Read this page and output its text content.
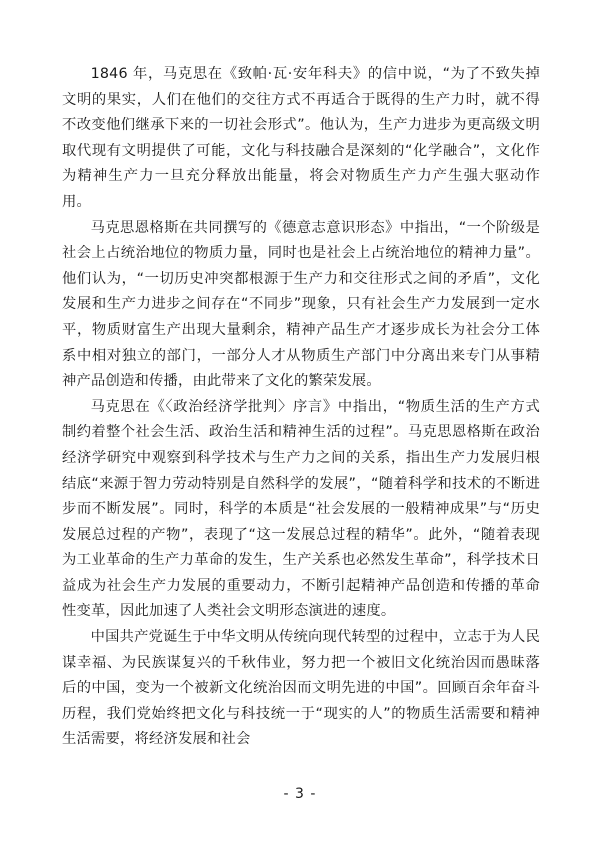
1846 年，马克思在《致帕·瓦·安年科夫》的信中说，“为了不致失掉文明的果实，人们在他们的交往方式不再适合于既得的生产力时，就不得不改变他们继承下来的一切社会形式”。他认为，生产力进步为更高级文明取代现有文明提供了可能，文化与科技融合是深刻的“化学融合”，文化作为精神生产力一旦充分释放出能量，将会对物质生产力产生强大驱动作用。

马克思恩格斯在共同撰写的《德意志意识形态》中指出，“一个阶级是社会上占统治地位的物质力量，同时也是社会上占统治地位的精神力量”。他们认为，“一切历史冲突都根源于生产力和交往形式之间的矛盾”，文化发展和生产力进步之间存在“不同步”现象，只有社会生产力发展到一定水平，物质财富生产出现大量剩余，精神产品生产才逐步成长为社会分工体系中相对独立的部门，一部分人才从物质生产部门中分离出来专门从事精神产品创造和传播，由此带来了文化的繁荣发展。

马克思在《〈政治经济学批判〉序言》中指出，“物质生活的生产方式制约着整个社会生活、政治生活和精神生活的过程”。马克思恩格斯在政治经济学研究中观察到科学技术与生产力之间的关系，指出生产力发展归根结底“来源于智力劳动特别是自然科学的发展”，“随着科学和技术的不断进步而不断发展”。同时，科学的本质是“社会发展的一般精神成果”与“历史发展总过程的产物”，表现了“这一发展总过程的精华”。此外，“随着表现为工业革命的生产力革命的发生，生产关系也必然发生革命”，科学技术日益成为社会生产力发展的重要动力，不断引起精神产品创造和传播的革命性变革，因此加速了人类社会文明形态演进的速度。

中国共产党诞生于中华文明从传统向现代转型的过程中，立志于为人民谋幸福、为民族谋复兴的千秋伟业，努力把一个被旧文化统治因而愚昧落后的中国，变为一个被新文化统治因而文明先进的中国”。回顾百余年奋斗历程，我们党始终把文化与科技统一于“现实的人”的物质生活需要和精神生活需要，将经济发展和社会

- 3 -
